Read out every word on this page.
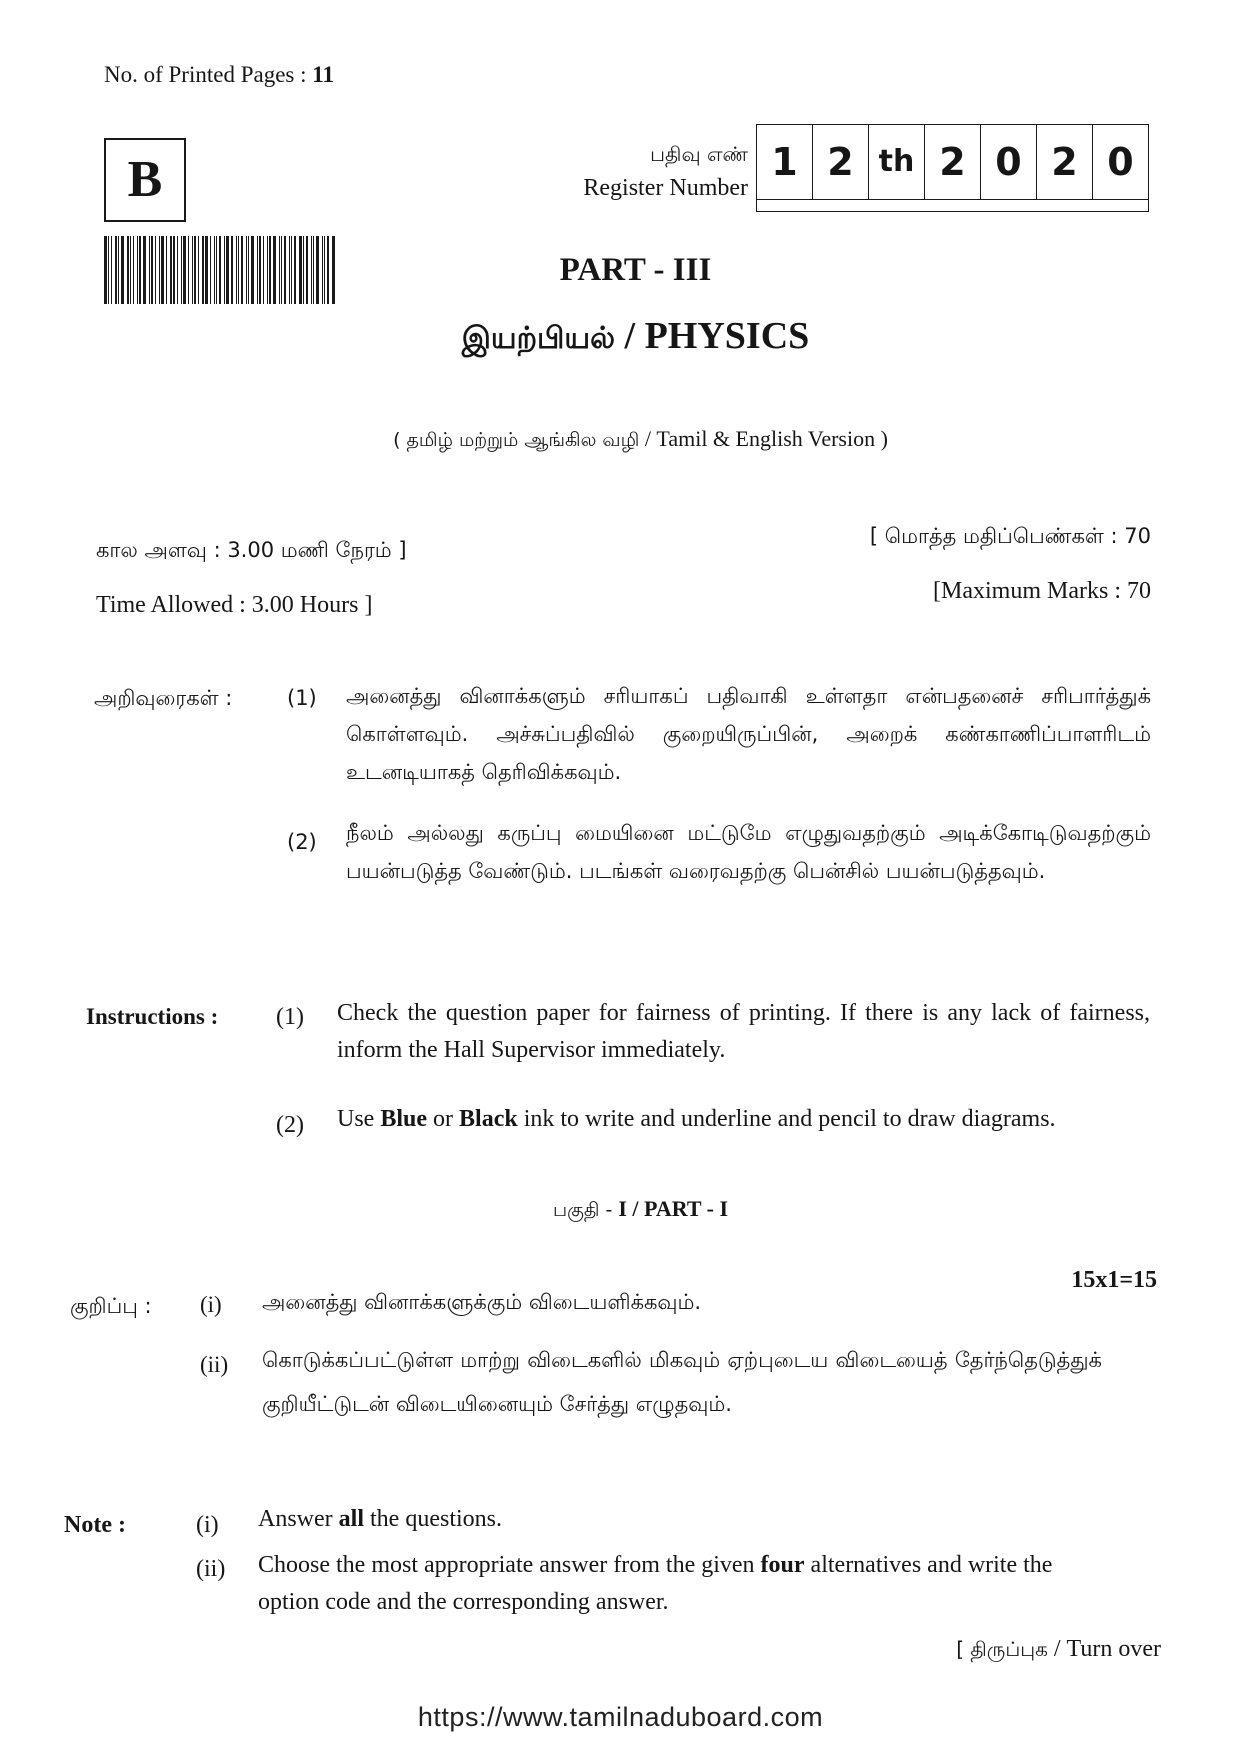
No. of Printed Pages : 11
B	பதிவு எண்
Register Number
1 2 th 2 0 2 0
PART - III
இயற்பியல் / PHYSICS
( தமிழ் மற்றும் ஆங்கில வழி / Tamil & English Version )
கால அளவு : 3.00 மணி நேரம் ]
Time Allowed : 3.00 Hours ]
[ மொத்த மதிப்பெண்கள் : 70
[Maximum Marks : 70
அறிவுரைகள் :	(1) அனைத்து வினாக்களும் சரியாகப் பதிவாகி உள்ளதா என்பதனைச் சரிபார்த்துக் கொள்ளவும். அச்சுப்பதிவில் குறையிருப்பின், அறைக் கண்காணிப்பாளரிடம் உடனடியாகத் தெரிவிக்கவும்.
(2) நீலம் அல்லது கருப்பு மையினை மட்டுமே எழுதுவதற்கும் அடிக்கோடிடுவதற்கும் பயன்படுத்த வேண்டும். படங்கள் வரைவதற்கு பென்சில் பயன்படுத்தவும்.
Instructions : (1) Check the question paper for fairness of printing. If there is any lack of fairness, inform the Hall Supervisor immediately.
(2) Use Blue or Black ink to write and underline and pencil to draw diagrams.
பகுதி - I / PART - I
15x1=15
குறிப்பு : (i) அனைத்து வினாக்களுக்கும் விடையளிக்கவும்.
(ii) கொடுக்கப்பட்டுள்ள மாற்று விடைகளில் மிகவும் ஏற்புடைய விடையைத் தேர்ந்தெடுத்துக் குறியீட்டுடன் விடையினையும் சேர்த்து எழுதவும்.
Note :	(i) Answer all the questions.
(ii) Choose the most appropriate answer from the given four alternatives and write the option code and the corresponding answer.
[ திருப்புக / Turn over
https://www.tamilnaduboard.com
